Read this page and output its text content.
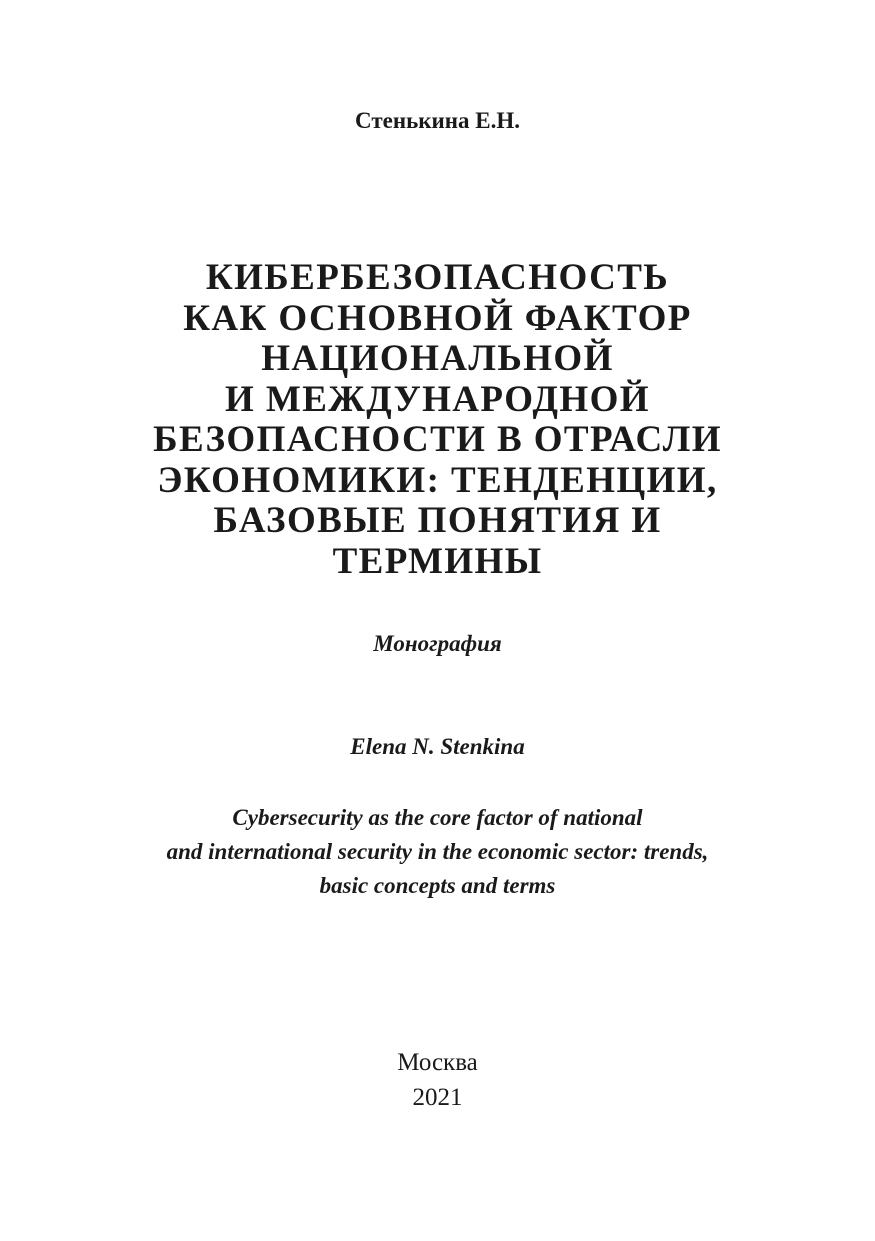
Стенькина Е.Н.
КИБЕРБЕЗОПАСНОСТЬ
КАК ОСНОВНОЙ ФАКТОР
НАЦИОНАЛЬНОЙ
И МЕЖДУНАРОДНОЙ
БЕЗОПАСНОСТИ В ОТРАСЛИ
ЭКОНОМИКИ: ТЕНДЕНЦИИ,
БАЗОВЫЕ ПОНЯТИЯ И
ТЕРМИНЫ
Монография
Elena N. Stenkina
Cybersecurity as the core factor of national
and international security in the economic sector: trends,
basic concepts and terms
Москва
2021
